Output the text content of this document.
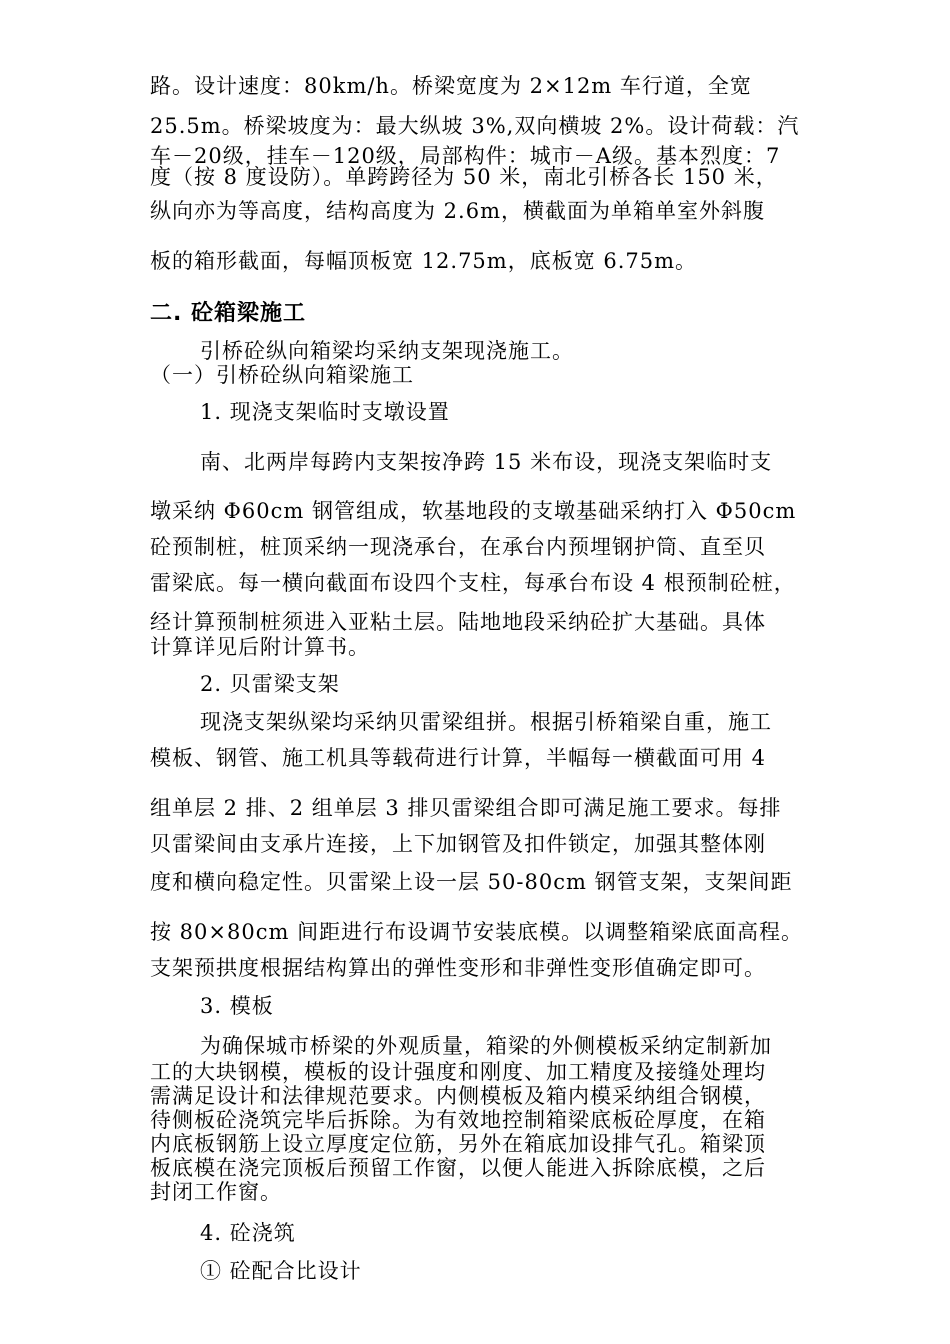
路。设计速度：80km/h。桥梁宽度为 2×12m 车行道，全宽
25.5m。桥梁坡度为：最大纵坡 3%,双向横坡 2%。设计荷载：汽
车－20级，挂车－120级，局部构件：城市－A级。基本烈度：7
度（按 8 度设防）。单跨跨径为 50 米，南北引桥各长 150 米，
纵向亦为等高度，结构高度为 2.6m，横截面为单箱单室外斜腹
板的箱形截面，每幅顶板宽 12.75m，底板宽 6.75m。
二. 砼箱梁施工
引桥砼纵向箱梁均采纳支架现浇施工。
（一）引桥砼纵向箱梁施工
1. 现浇支架临时支墩设置
南、北两岸每跨内支架按净跨 15 米布设，现浇支架临时支
墩采纳 Φ60cm 钢管组成，软基地段的支墩基础采纳打入 Φ50cm
砼预制桩，桩顶采纳一现浇承台，在承台内预埋钢护筒、直至贝
雷梁底。每一横向截面布设四个支柱，每承台布设 4 根预制砼桩，
经计算预制桩须进入亚粘土层。陆地地段采纳砼扩大基础。具体
计算详见后附计算书。
2. 贝雷梁支架
现浇支架纵梁均采纳贝雷梁组拼。根据引桥箱梁自重，施工
模板、钢管、施工机具等载荷进行计算，半幅每一横截面可用 4
组单层 2 排、2 组单层 3 排贝雷梁组合即可满足施工要求。每排
贝雷梁间由支承片连接，上下加钢管及扣件锁定，加强其整体刚
度和横向稳定性。贝雷梁上设一层 50-80cm 钢管支架，支架间距
按 80×80cm 间距进行布设调节安装底模。以调整箱梁底面高程。
支架预拱度根据结构算出的弹性变形和非弹性变形值确定即可。
3. 模板
为确保城市桥梁的外观质量，箱梁的外侧模板采纳定制新加
工的大块钢模，模板的设计强度和刚度、加工精度及接缝处理均
需满足设计和法律规范要求。内侧模板及箱内模采纳组合钢模，
待侧板砼浇筑完毕后拆除。为有效地控制箱梁底板砼厚度，在箱
内底板钢筋上设立厚度定位筋，另外在箱底加设排气孔。箱梁顶
板底模在浇完顶板后预留工作窗，以便人能进入拆除底模，之后
封闭工作窗。
4. 砼浇筑
① 砼配合比设计
